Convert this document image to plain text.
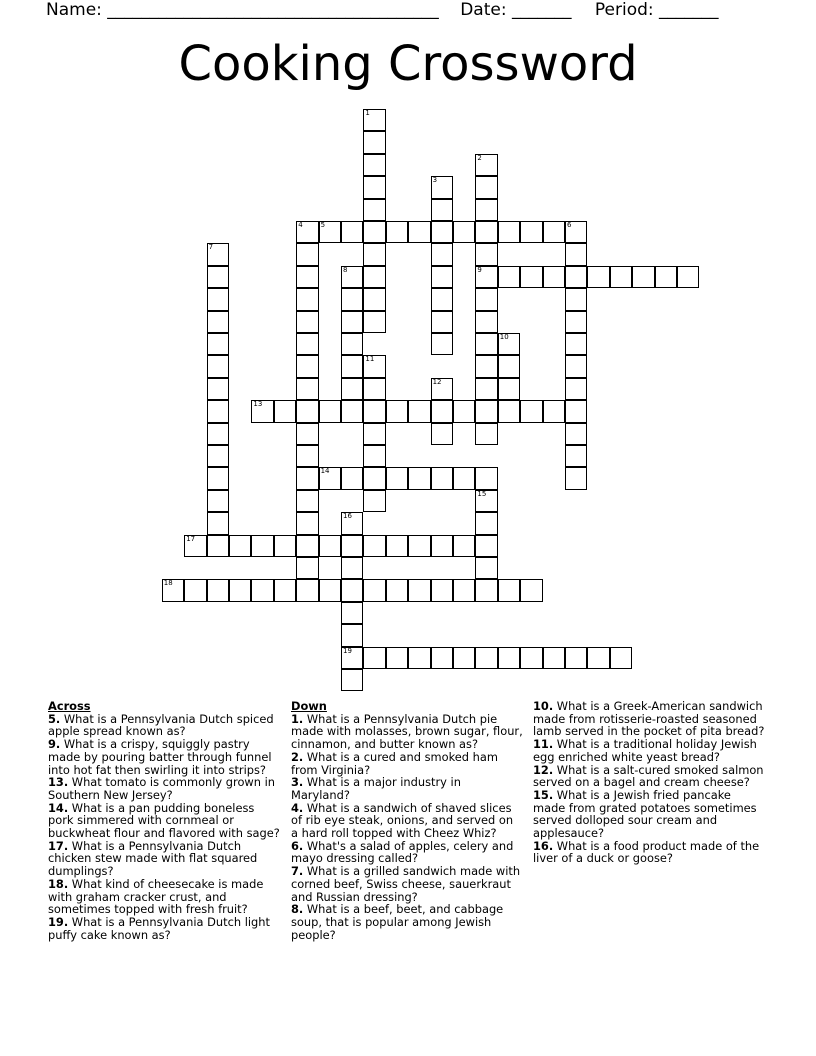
Name: _______________________________________ Date: _______ Period: _______
Cooking Crossword
1
2
9
3
4	5	6
7
8
10
11
12
13
14
15
16
19
17
18
Across
5. What is a Pennsylvania Dutch spiced apple spread known as?
9. What is a crispy, squiggly pastry made by pouring batter through funnel into hot fat then swirling it into strips?
13. What tomato is commonly grown in Southern New Jersey?
14. What is a pan pudding boneless pork simmered with cornmeal or buckwheat flour and flavored with sage?
17. What is a Pennsylvania Dutch chicken stew made with flat squared dumplings?
18. What kind of cheesecake is made with graham cracker crust, and sometimes topped with fresh fruit?
19. What is a Pennsylvania Dutch light puffy cake known as?
Down
1. What is a Pennsylvania Dutch pie made with molasses, brown sugar, flour, cinnamon, and butter known as?
2. What is a cured and smoked ham from Virginia?
3. What is a major industry in Maryland?
4. What is a sandwich of shaved slices of rib eye steak, onions, and served on a hard roll topped with Cheez Whiz?
6. What's a salad of apples, celery and mayo dressing called?
7. What is a grilled sandwich made with corned beef, Swiss cheese, sauerkraut and Russian dressing?
8. What is a beef, beet, and cabbage soup, that is popular among Jewish people?
10. What is a Greek-American sandwich made from rotisserie-roasted seasoned lamb served in the pocket of pita bread?
11. What is a traditional holiday Jewish egg enriched white yeast bread?
12. What is a salt-cured smoked salmon served on a bagel and cream cheese?
15. What is a Jewish fried pancake made from grated potatoes sometimes served dolloped sour cream and applesauce?
16. What is a food product made of the liver of a duck or goose?
